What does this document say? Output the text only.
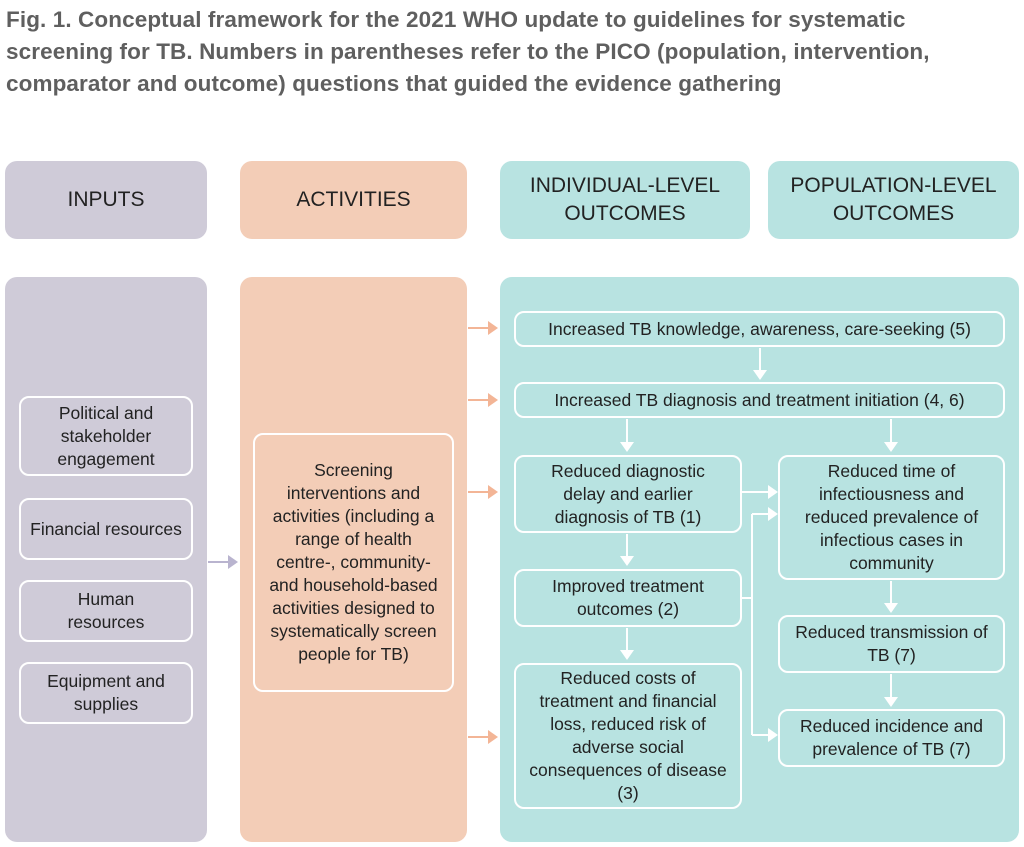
Fig. 1. Conceptual framework for the 2021 WHO update to guidelines for systematic screening for TB. Numbers in parentheses refer to the PICO (population, intervention, comparator and outcome) questions that guided the evidence gathering
INPUTS	ACTIVITIES
INDIVIDUAL-LEVEL OUTCOMES
POPULATION-LEVEL OUTCOMES
Political and stakeholder engagement
Financial resources
Human resources
Equipment and supplies
Screening interventions and activities (including a range of health centre-, community- and household-based activities designed to systematically screen people for TB)
Increased TB knowledge, awareness, care-seeking (5)
Increased TB diagnosis and treatment initiation (4, 6)
Reduced diagnostic delay and earlier diagnosis of TB (1)
Improved treatment outcomes (2)
Reduced costs of treatment and financial loss, reduced risk of adverse social consequences of disease (3)
Reduced time of infectiousness and reduced prevalence of infectious cases in community
Reduced transmission of TB (7)
Reduced incidence and prevalence of TB (7)
